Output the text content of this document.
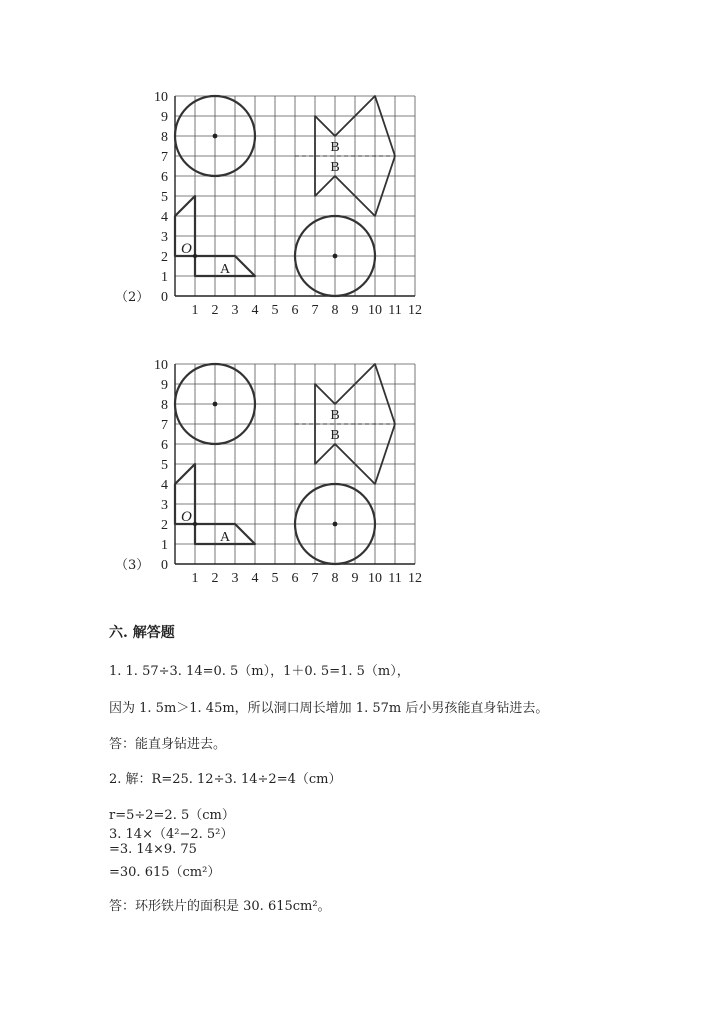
（2）
1 2 3 4 5 6 7 8 9 10 11 12
0
1
2
3
4
5
6
7
8
9
10
O
A
B
B
（3）
1 2 3 4 5 6 7 8 9 10 11 12
0
1
2
3
4
5
6
7
8
9
10
O
A
B
B
六. 解答题
1. 1. 57÷3. 14=0. 5（m），1＋0. 5=1. 5（m），
因为 1. 5m＞1. 45m，所以洞口周长增加 1. 57m 后小男孩能直身钻进去。
答：能直身钻进去。
2. 解：R=25. 12÷3. 14÷2=4（cm）
r=5÷2=2. 5（cm）
3. 14×（4²−2. 5²）
=3. 14×9. 75
=30. 615（cm²）
答：环形铁片的面积是 30. 615cm²。
